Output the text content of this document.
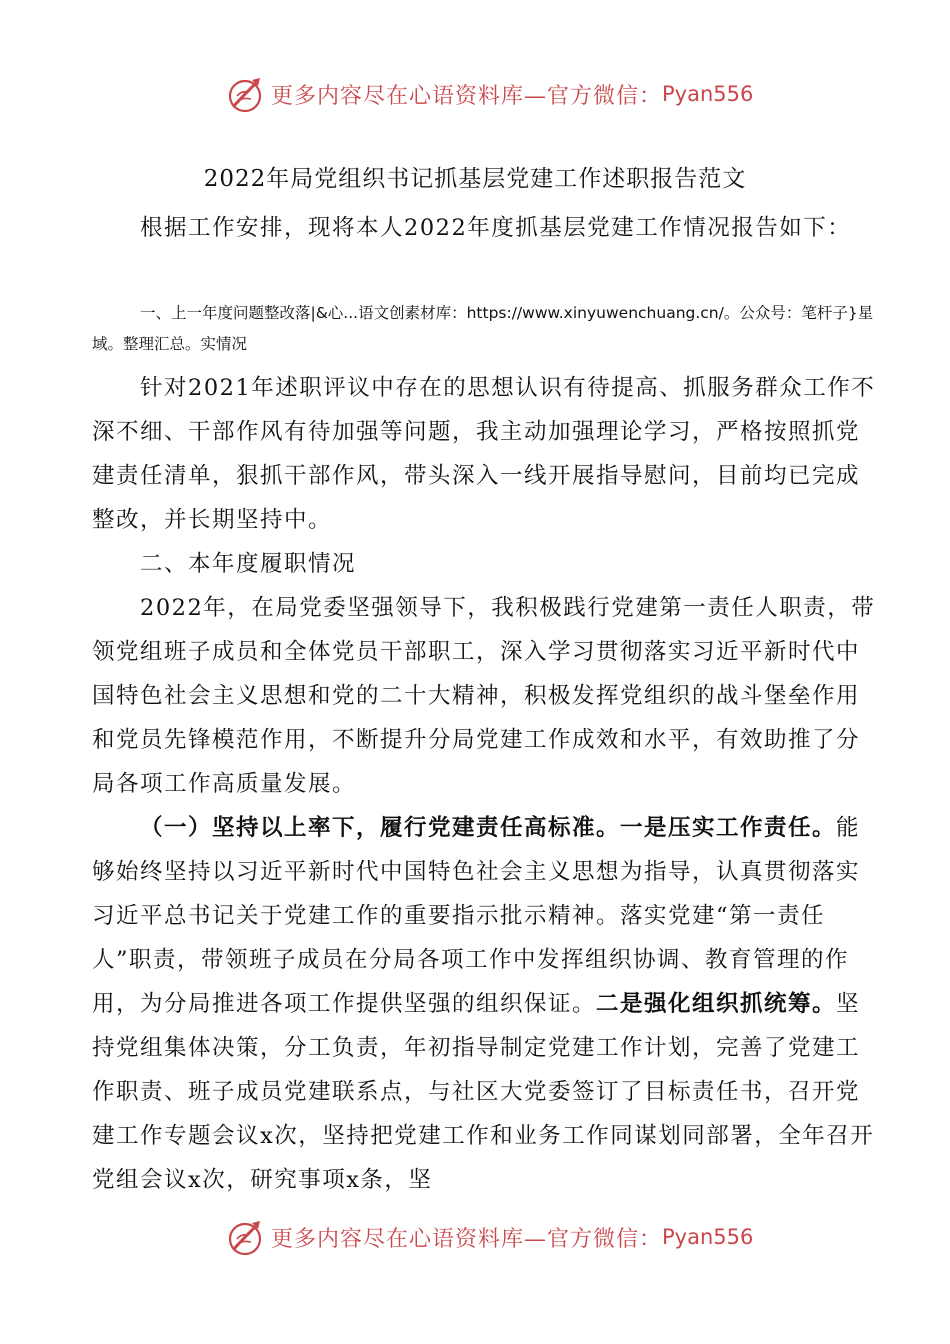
更多内容尽在心语资料库—官方微信： Pyan556
2022年局党组织书记抓基层党建工作述职报告范文
根据工作安排，现将本人2022年度抓基层党建工作情况报告如下：
一、上一年度问题整改落|&心...语文创素材库：https://www.xinyuwenchuang.cn/。公众号：笔杆子}星域。整理汇总。实情况
针对2021年述职评议中存在的思想认识有待提高、抓服务群众工作不深不细、干部作风有待加强等问题，我主动加强理论学习，严格按照抓党建责任清单，狠抓干部作风，带头深入一线开展指导慰问，目前均已完成整改，并长期坚持中。
二、本年度履职情况
2022年，在局党委坚强领导下，我积极践行党建第一责任人职责，带领党组班子成员和全体党员干部职工，深入学习贯彻落实习近平新时代中国特色社会主义思想和党的二十大精神，积极发挥党组织的战斗堡垒作用和党员先锋模范作用，不断提升分局党建工作成效和水平，有效助推了分局各项工作高质量发展。
（一）坚持以上率下，履行党建责任高标准。一是压实工作责任。能够始终坚持以习近平新时代中国特色社会主义思想为指导，认真贯彻落实习近平总书记关于党建工作的重要指示批示精神。落实党建“第一责任人”职责，带领班子成员在分局各项工作中发挥组织协调、教育管理的作用，为分局推进各项工作提供坚强的组织保证。二是强化组织抓统筹。坚持党组集体决策，分工负责，年初指导制定党建工作计划，完善了党建工作职责、班子成员党建联系点，与社区大党委签订了目标责任书，召开党建工作专题会议x次，坚持把党建工作和业务工作同谋划同部署，全年召开党组会议x次，研究事项x条，坚
更多内容尽在心语资料库—官方微信： Pyan556
